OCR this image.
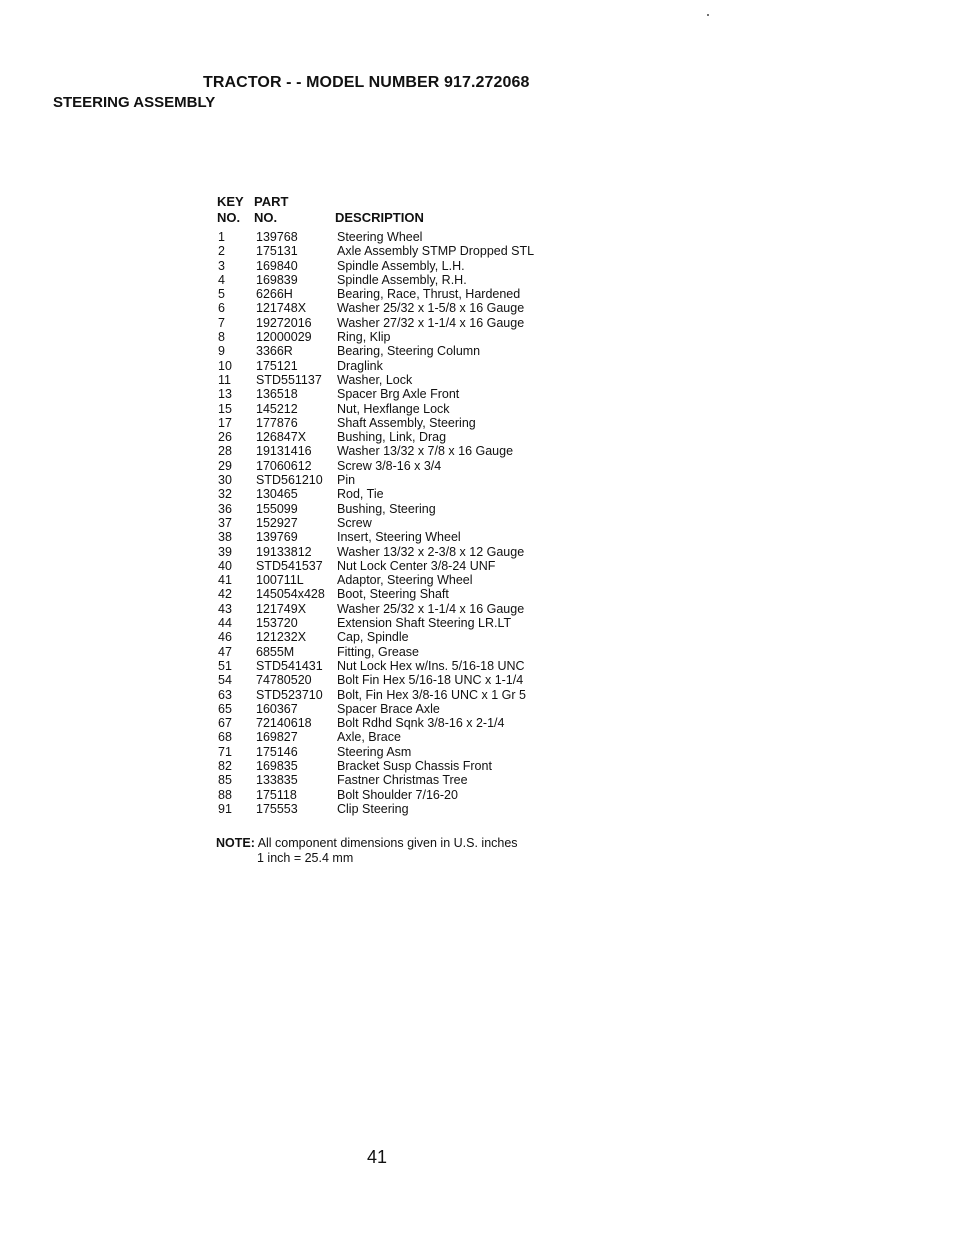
TRACTOR - - MODEL NUMBER 917.272068
STEERING ASSEMBLY
KEY PART
NO. NO.	DESCRIPTION
1	139768	Steering Wheel
2	175131	Axle Assembly STMP Dropped STL
3	169840	Spindle Assembly, L.H.
4	169839	Spindle Assembly, R.H.
5	6266H	Bearing, Race, Thrust, Hardened
6	121748X	Washer 25/32 x 1-5/8 x 16 Gauge
7	19272016	Washer 27/32 x 1-1/4 x 16 Gauge
8	12000029	Ring, Klip
9	3366R	Bearing, Steering Column
10	175121	Draglink
11	STD551137	Washer, Lock
13	136518	Spacer Brg Axle Front
15	145212	Nut, Hexflange Lock
17	177876	Shaft Assembly, Steering
26	126847X	Bushing, Link, Drag
28	19131416	Washer 13/32 x 7/8 x 16 Gauge
29	17060612	Screw 3/8-16 x 3/4
30	STD561210	Pin
32	130465	Rod, Tie
36	155099	Bushing, Steering
37	152927	Screw
38	139769	Insert, Steering Wheel
39	19133812	Washer 13/32 x 2-3/8 x 12 Gauge
40	STD541537	Nut Lock Center 3/8-24 UNF
41	100711L	Adaptor, Steering Wheel
42	145054x428 Boot, Steering Shaft
43	121749X	Washer 25/32 x 1-1/4 x 16 Gauge
44	153720	Extension Shaft Steering LR.LT
46	121232X	Cap, Spindle
47	6855M	Fitting, Grease
51	STD541431	Nut Lock Hex w/Ins. 5/16-18 UNC
54	74780520	Bolt Fin Hex 5/16-18 UNC x 1-1/4
63	STD523710	Bolt, Fin Hex 3/8-16 UNC x 1 Gr 5
65	160367	Spacer Brace Axle
67	72140618	Bolt Rdhd Sqnk 3/8-16 x 2-1/4
68	169827	Axle, Brace
71	175146	Steering Asm
82	169835	Bracket Susp Chassis Front
85	133835	Fastner Christmas Tree
88	175118	Bolt Shoulder 7/16-20
91	175553	Clip Steering
NOTE: All component dimensions given in U.S. inches
1 inch = 25.4 mm
41
